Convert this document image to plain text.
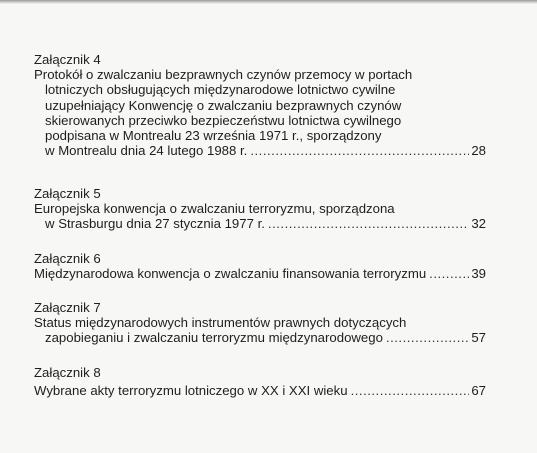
Załącznik 4
Protokół o zwalczaniu bezprawnych czynów przemocy w portach
lotniczych obsługujących międzynarodowe lotnictwo cywilne
uzupełniający Konwencję o zwalczaniu bezprawnych czynów
skierowanych przeciwko bezpieczeństwu lotnictwa cywilnego
podpisana w Montrealu 23 września 1971 r., sporządzony
w Montrealu dnia 24 lutego 1988 r. .....	28
Załącznik 5
Europejska konwencja o zwalczaniu terroryzmu, sporządzona
w Strasburgu dnia 27 stycznia 1977 r. .....	32
Załącznik 6
Międzynarodowa konwencja o zwalczaniu finansowania terroryzmu .....	39
Załącznik 7
Status międzynarodowych instrumentów prawnych dotyczących
zapobieganiu i zwalczaniu terroryzmu międzynarodowego .....	57
Załącznik 8
Wybrane akty terroryzmu lotniczego w XX i XXI wieku .....	67
